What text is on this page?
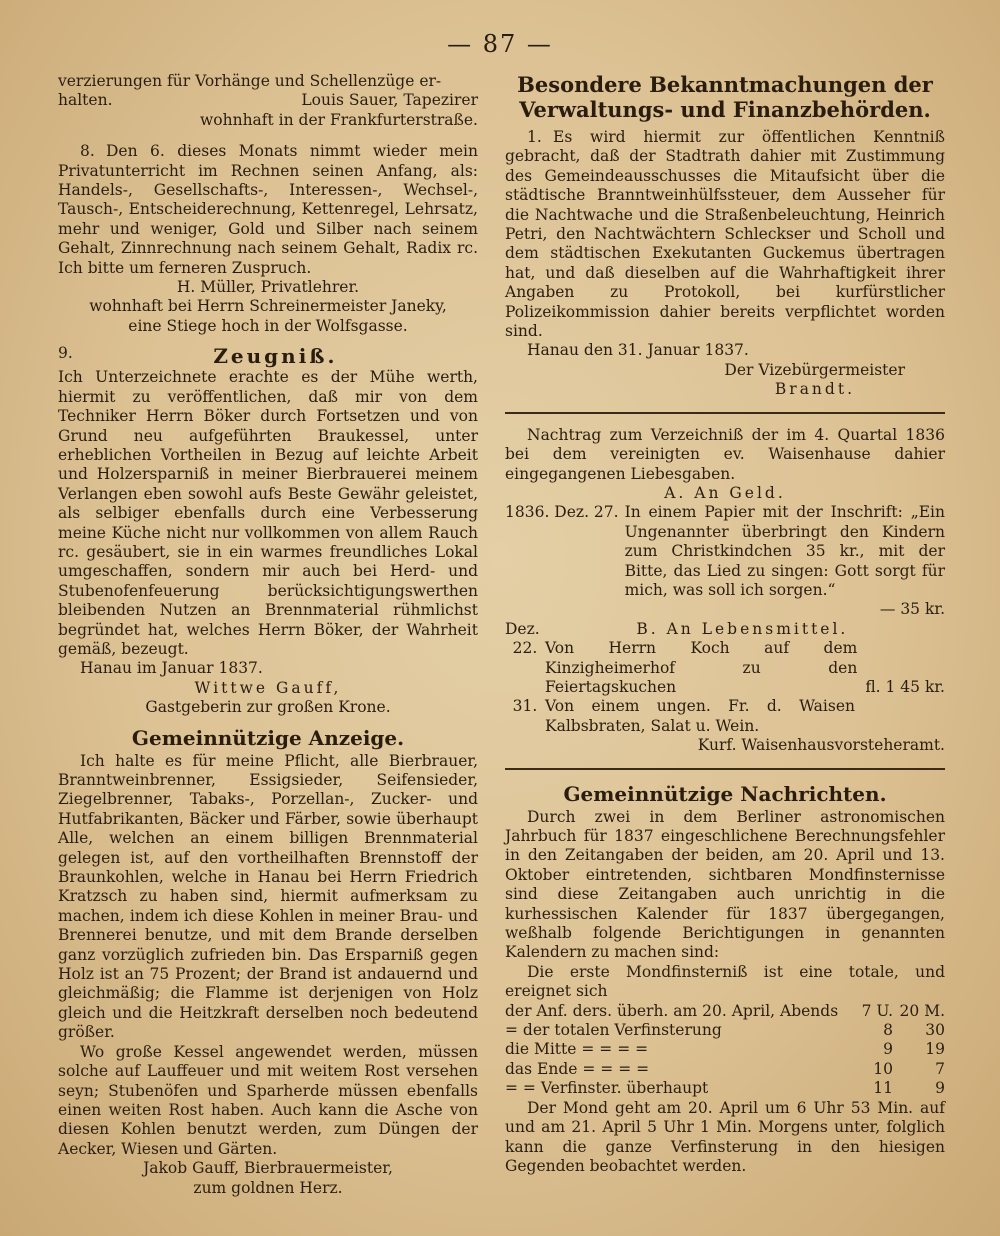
— 87 —

verzierungen für Vorhänge und Schellenzüge er-

halten.	Louis Sauer, Tapezirer

wohnhaft in der Frankfurterstraße.

8. Den 6. dieses Monats nimmt wieder mein Privatunterricht im Rechnen seinen Anfang, als: Handels-, Gesellschafts-, Interessen-, Wechsel-, Tausch-, Entscheiderechnung, Kettenregel, Lehrsatz, mehr und weniger, Gold und Silber nach seinem Gehalt, Zinnrechnung nach seinem Gehalt, Radix rc. Ich bitte um ferneren Zuspruch.

H. Müller, Privatlehrer.

wohnhaft bei Herrn Schreinermeister Janeky,

eine Stiege hoch in der Wolfsgasse.

9.	Zeugniß.

Ich Unterzeichnete erachte es der Mühe werth, hiermit zu veröffentlichen, daß mir von dem Techniker Herrn Böker durch Fortsetzen und von Grund neu aufgeführten Braukessel, unter erheblichen Vortheilen in Bezug auf leichte Arbeit und Holzersparniß in meiner Bierbrauerei meinem Verlangen eben sowohl aufs Beste Gewähr geleistet, als selbiger ebenfalls durch eine Verbesserung meine Küche nicht nur vollkommen von allem Rauch rc. gesäubert, sie in ein warmes freundliches Lokal umgeschaffen, sondern mir auch bei Herd- und Stubenofenfeuerung berücksichtigungswerthen bleibenden Nutzen an Brennmaterial rühmlichst begründet hat, welches Herrn Böker, der Wahrheit gemäß, bezeugt.

Hanau im Januar 1837.

Wittwe Gauff,

Gastgeberin zur großen Krone.

Gemeinnützige Anzeige.

Ich halte es für meine Pflicht, alle Bierbrauer, Branntweinbrenner, Essigsieder, Seifensieder, Ziegelbrenner, Tabaks-, Porzellan-, Zucker- und Hutfabrikanten, Bäcker und Färber, sowie überhaupt Alle, welchen an einem billigen Brennmaterial gelegen ist, auf den vortheilhaften Brennstoff der Braunkohlen, welche in Hanau bei Herrn Friedrich Kratzsch zu haben sind, hiermit aufmerksam zu machen, indem ich diese Kohlen in meiner Brau- und Brennerei benutze, und mit dem Brande derselben ganz vorzüglich zufrieden bin. Das Ersparniß gegen Holz ist an 75 Prozent; der Brand ist andauernd und gleichmäßig; die Flamme ist derjenigen von Holz gleich und die Heitzkraft derselben noch bedeutend größer.

Wo große Kessel angewendet werden, müssen solche auf Lauffeuer und mit weitem Rost versehen seyn; Stubenöfen und Sparherde müssen ebenfalls einen weiten Rost haben. Auch kann die Asche von diesen Kohlen benutzt werden, zum Düngen der Aecker, Wiesen und Gärten.

Jakob Gauff, Bierbrauermeister,

zum goldnen Herz.

Besondere Bekanntmachungen der Verwaltungs- und Finanzbehörden.

1. Es wird hiermit zur öffentlichen Kenntniß gebracht, daß der Stadtrath dahier mit Zustimmung des Gemeindeausschusses die Mitaufsicht über die städtische Branntweinhülfssteuer, dem Ausseher für die Nachtwache und die Straßenbeleuchtung, Heinrich Petri, den Nachtwächtern Schleckser und Scholl und dem städtischen Exekutanten Guckemus übertragen hat, und daß dieselben auf die Wahrhaftigkeit ihrer Angaben zu Protokoll, bei kurfürstlicher Polizeikommission dahier bereits verpflichtet worden sind.

Hanau den 31. Januar 1837.

Der Vizebürgermeister

Brandt.

Nachtrag zum Verzeichniß der im 4. Quartal 1836 bei dem vereinigten ev. Waisenhause dahier eingegangenen Liebesgaben.

A. An Geld.

1836. Dez. 27. In einem Papier mit der Inschrift: „Ein Ungenannter überbringt den Kindern zum Christkindchen 35 kr., mit der Bitte, das Lied zu singen: Gott sorgt für mich, was soll ich sorgen.“

— 35 kr.

Dez.	B. An Lebensmittel.
22. Von Herrn Koch auf dem Kinzigheimerhof zu den Feiertagskuchen	fl. 1 45 kr.
31. Von einem ungen. Fr. d. Waisen Kalbsbraten, Salat u. Wein.

Kurf. Waisenhausvorsteheramt.

Gemeinnützige Nachrichten.

Durch zwei in dem Berliner astronomischen Jahrbuch für 1837 eingeschlichene Berechnungsfehler in den Zeitangaben der beiden, am 20. April und 13. Oktober eintretenden, sichtbaren Mondfinsternisse sind diese Zeitangaben auch unrichtig in die kurhessischen Kalender für 1837 übergegangen, weßhalb folgende Berichtigungen in genannten Kalendern zu machen sind:

Die erste Mondfinsterniß ist eine totale, und ereignet sich

der Anf. ders. überh. am 20. April, Abends	7 U.	20 M.
= der totalen Verfinsterung	8	30
die Mitte = = = =	9	19
das Ende = = = =	10	7
= = Verfinster. überhaupt	11	9

Der Mond geht am 20. April um 6 Uhr 53 Min. auf und am 21. April 5 Uhr 1 Min. Morgens unter, folglich kann die ganze Verfinsterung in den hiesigen Gegenden beobachtet werden.
